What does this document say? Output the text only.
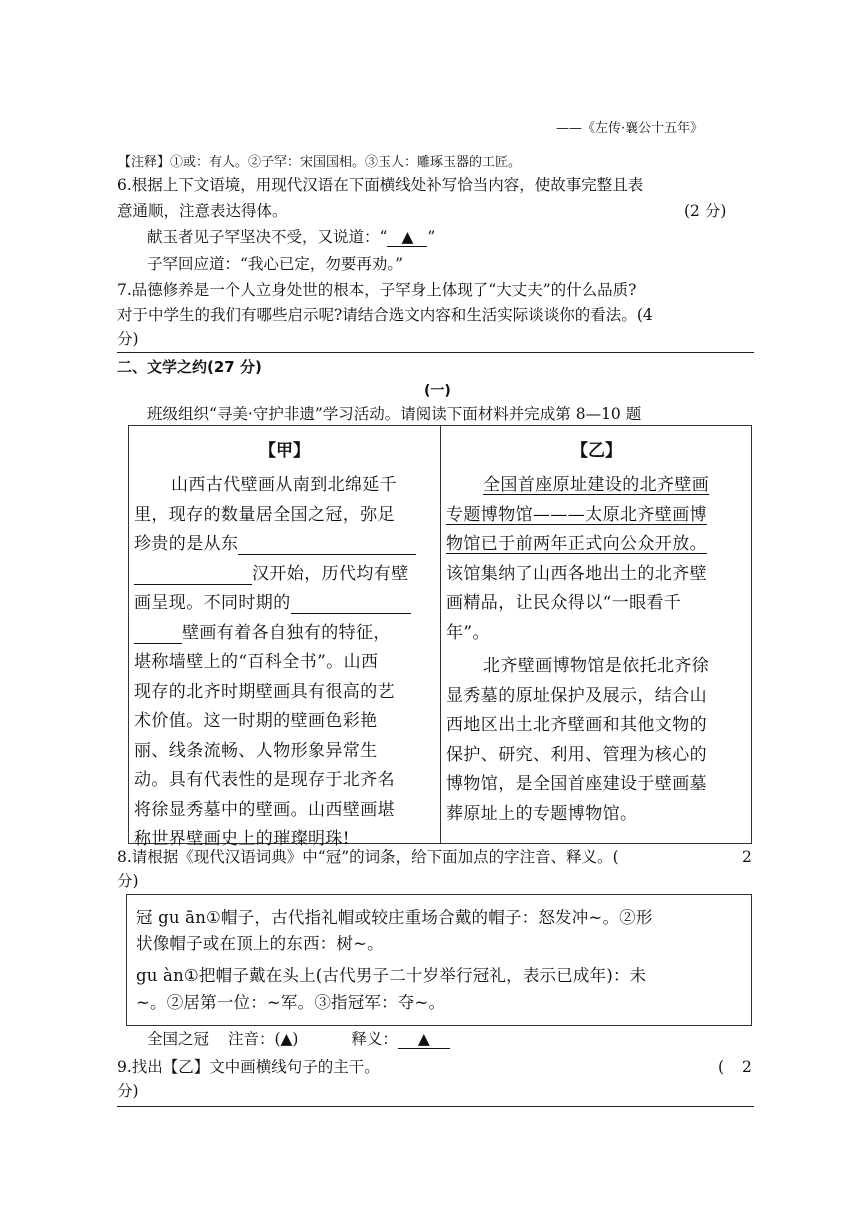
——《左传·襄公十五年》
【注释】①或：有人。②子罕：宋国国相。③玉人：雕琢玉器的工匠。
6.根据上下文语境，用现代汉语在下面横线处补写恰当内容，使故事完整且表
意通顺，注意表达得体。	(2 分)
献玉者见子罕坚决不受，又说道：“ ▲ ”
子罕回应道：“我心已定，勿要再劝。”
7.品德修养是一个人立身处世的根本，子罕身上体现了“大丈夫”的什么品质?
对于中学生的我们有哪些启示呢?请结合选文内容和生活实际谈谈你的看法。(4
分)
二、文学之约(27 分)
(一)
班级组织“寻美·守护非遗”学习活动。请阅读下面材料并完成第 8—10 题
【甲】

山西古代壁画从南到北绵延千

里，现存的数量居全国之冠，弥足

珍贵的是从东

汉开始，历代均有壁

画呈现。不同时期的

壁画有着各自独有的特征，

堪称墙壁上的“百科全书”。山西

现存的北齐时期壁画具有很高的艺

术价值。这一时期的壁画色彩艳

丽、线条流畅、人物形象异常生

动。具有代表性的是现存于北齐名

将徐显秀墓中的壁画。山西壁画堪

称世界壁画史上的璀璨明珠!

【乙】

全国首座原址建设的北齐壁画

专题博物馆———太原北齐壁画博

物馆已于前两年正式向公众开放。

该馆集纳了山西各地出土的北齐壁

画精品，让民众得以“一眼看千

年”。

北齐壁画博物馆是依托北齐徐

显秀墓的原址保护及展示，结合山

西地区出土北齐壁画和其他文物的

保护、研究、利用、管理为核心的

博物馆，是全国首座建设于壁画墓

葬原址上的专题博物馆。

8.请根据《现代汉语词典》中“冠”的词条，给下面加点的字注音、释义。(	2
分)
冠 gu ān①帽子，古代指礼帽或较庄重场合戴的帽子：怒发冲~。②形
状像帽子或在顶上的东西：树~。
gu àn①把帽子戴在头上(古代男子二十岁举行冠礼，表示已成年)：未
~。②居第一位：~军。③指冠军：夺~。
全国之冠 注音：(▲)	释义： ▲
9.找出【乙】文中画横线句子的主干。	( 2
分)
